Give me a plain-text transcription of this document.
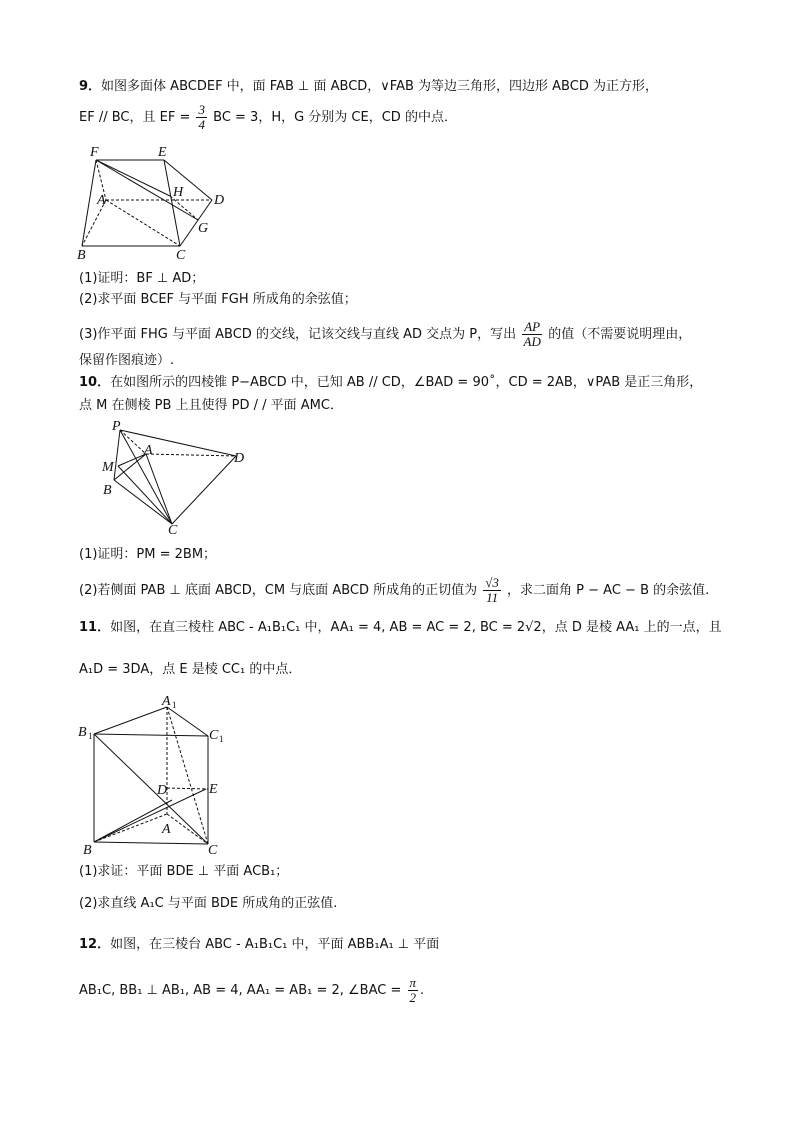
9．如图多面体 ABCDEF 中，面 FAB ⊥ 面 ABCD，∨FAB 为等边三角形，四边形 ABCD 为正方形，
EF // BC，且 EF = $\frac{3}{4}$ BC = 3，H，G 分别为 CE，CD 的中点．
F	E
H
D
A
G
B	C
(1)证明：BF ⊥ AD；
(2)求平面 BCEF 与平面 FGH 所成角的余弦值；
(3)作平面 FHG 与平面 ABCD 的交线，记该交线与直线 AD 交点为 P，写出 $\frac{AP}{AD}$ 的值（不需要说明理由，
保留作图痕迹）.
10．在如图所示的四棱锥 P−ABCD 中，已知 AB // CD，∠BAD = 90˚，CD = 2AB，∨PAB 是正三角形，
点 M 在侧棱 PB 上且使得 PD / / 平面 AMC．
P
A
D
M
B
C
(1)证明：PM = 2BM；
(2)若侧面 PAB ⊥ 底面 ABCD，CM 与底面 ABCD 所成角的正切值为 $\frac{√3}{11}$ ，求二面角 P − AC − B 的余弦值.
11．如图，在直三棱柱 ABC - A₁B₁C₁ 中，AA₁ = 4, AB = AC = 2, BC = 2√2，点 D 是棱 AA₁ 上的一点，且
A₁D = 3DA，点 E 是棱 CC₁ 的中点．
A 1
B 1	C 1
D	E
A
B	C
(1)求证：平面 BDE ⊥ 平面 ACB₁；
(2)求直线 A₁C 与平面 BDE 所成角的正弦值.
12．如图，在三棱台 ABC - A₁B₁C₁ 中，平面 ABB₁A₁ ⊥ 平面
AB₁C, BB₁ ⊥ AB₁, AB = 4, AA₁ = AB₁ = 2, ∠BAC = $\frac{\pi}{2}$ .
